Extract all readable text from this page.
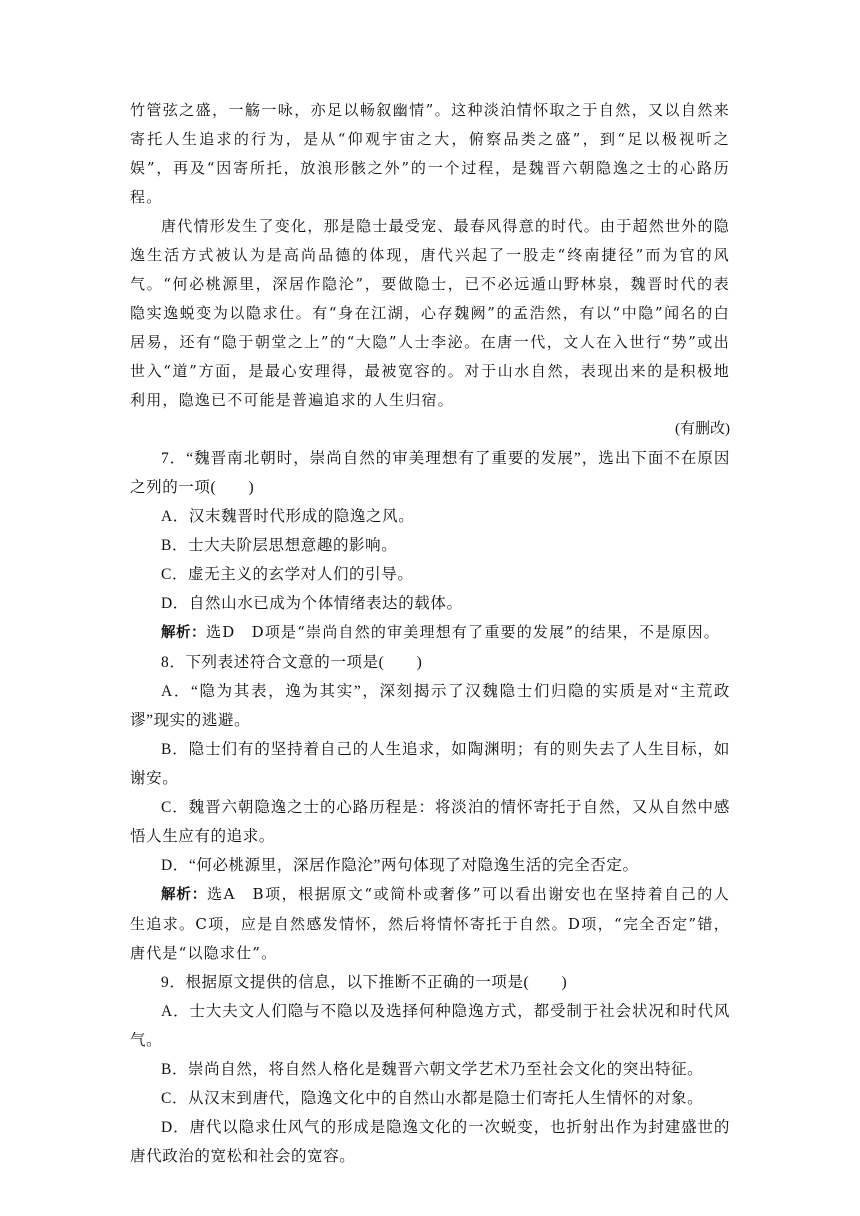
竹管弦之盛，一觞一咏，亦足以畅叙幽情”。这种淡泊情怀取之于自然，又以自然来寄托人生追求的行为，是从“仰观宇宙之大，俯察品类之盛”，到“足以极视听之娱”，再及“因寄所托，放浪形骸之外”的一个过程，是魏晋六朝隐逸之士的心路历程。

唐代情形发生了变化，那是隐士最受宠、最春风得意的时代。由于超然世外的隐逸生活方式被认为是高尚品德的体现，唐代兴起了一股走“终南捷径”而为官的风气。“何必桃源里，深居作隐沦”，要做隐士，已不必远遁山野林泉，魏晋时代的表隐实逸蜕变为以隐求仕。有“身在江湖，心存魏阙”的孟浩然，有以“中隐”闻名的白居易，还有“隐于朝堂之上”的“大隐”人士李泌。在唐一代，文人在入世行“势”或出世入“道”方面，是最心安理得，最被宽容的。对于山水自然，表现出来的是积极地利用，隐逸已不可能是普遍追求的人生归宿。

(有删改)

7．“魏晋南北朝时，崇尚自然的审美理想有了重要的发展”，选出下面不在原因之列的一项(　　)

A．汉末魏晋时代形成的隐逸之风。

B．士大夫阶层思想意趣的影响。

C．虚无主义的玄学对人们的引导。

D．自然山水已成为个体情绪表达的载体。

解析：选D　D项是“崇尚自然的审美理想有了重要的发展”的结果，不是原因。

8．下列表述符合文意的一项是(　　)

A．“隐为其表，逸为其实”，深刻揭示了汉魏隐士们归隐的实质是对“主荒政谬”现实的逃避。

B．隐士们有的坚持着自己的人生追求，如陶渊明；有的则失去了人生目标，如谢安。

C．魏晋六朝隐逸之士的心路历程是：将淡泊的情怀寄托于自然，又从自然中感悟人生应有的追求。

D．“何必桃源里，深居作隐沦”两句体现了对隐逸生活的完全否定。

解析：选A　B项，根据原文“或简朴或奢侈”可以看出谢安也在坚持着自己的人生追求。C项，应是自然感发情怀，然后将情怀寄托于自然。D项，“完全否定”错，唐代是“以隐求仕”。

9．根据原文提供的信息，以下推断不正确的一项是(　　)

A．士大夫文人们隐与不隐以及选择何种隐逸方式，都受制于社会状况和时代风气。

B．崇尚自然，将自然人格化是魏晋六朝文学艺术乃至社会文化的突出特征。

C．从汉末到唐代，隐逸文化中的自然山水都是隐士们寄托人生情怀的对象。

D．唐代以隐求仕风气的形成是隐逸文化的一次蜕变，也折射出作为封建盛世的唐代政治的宽松和社会的宽容。
